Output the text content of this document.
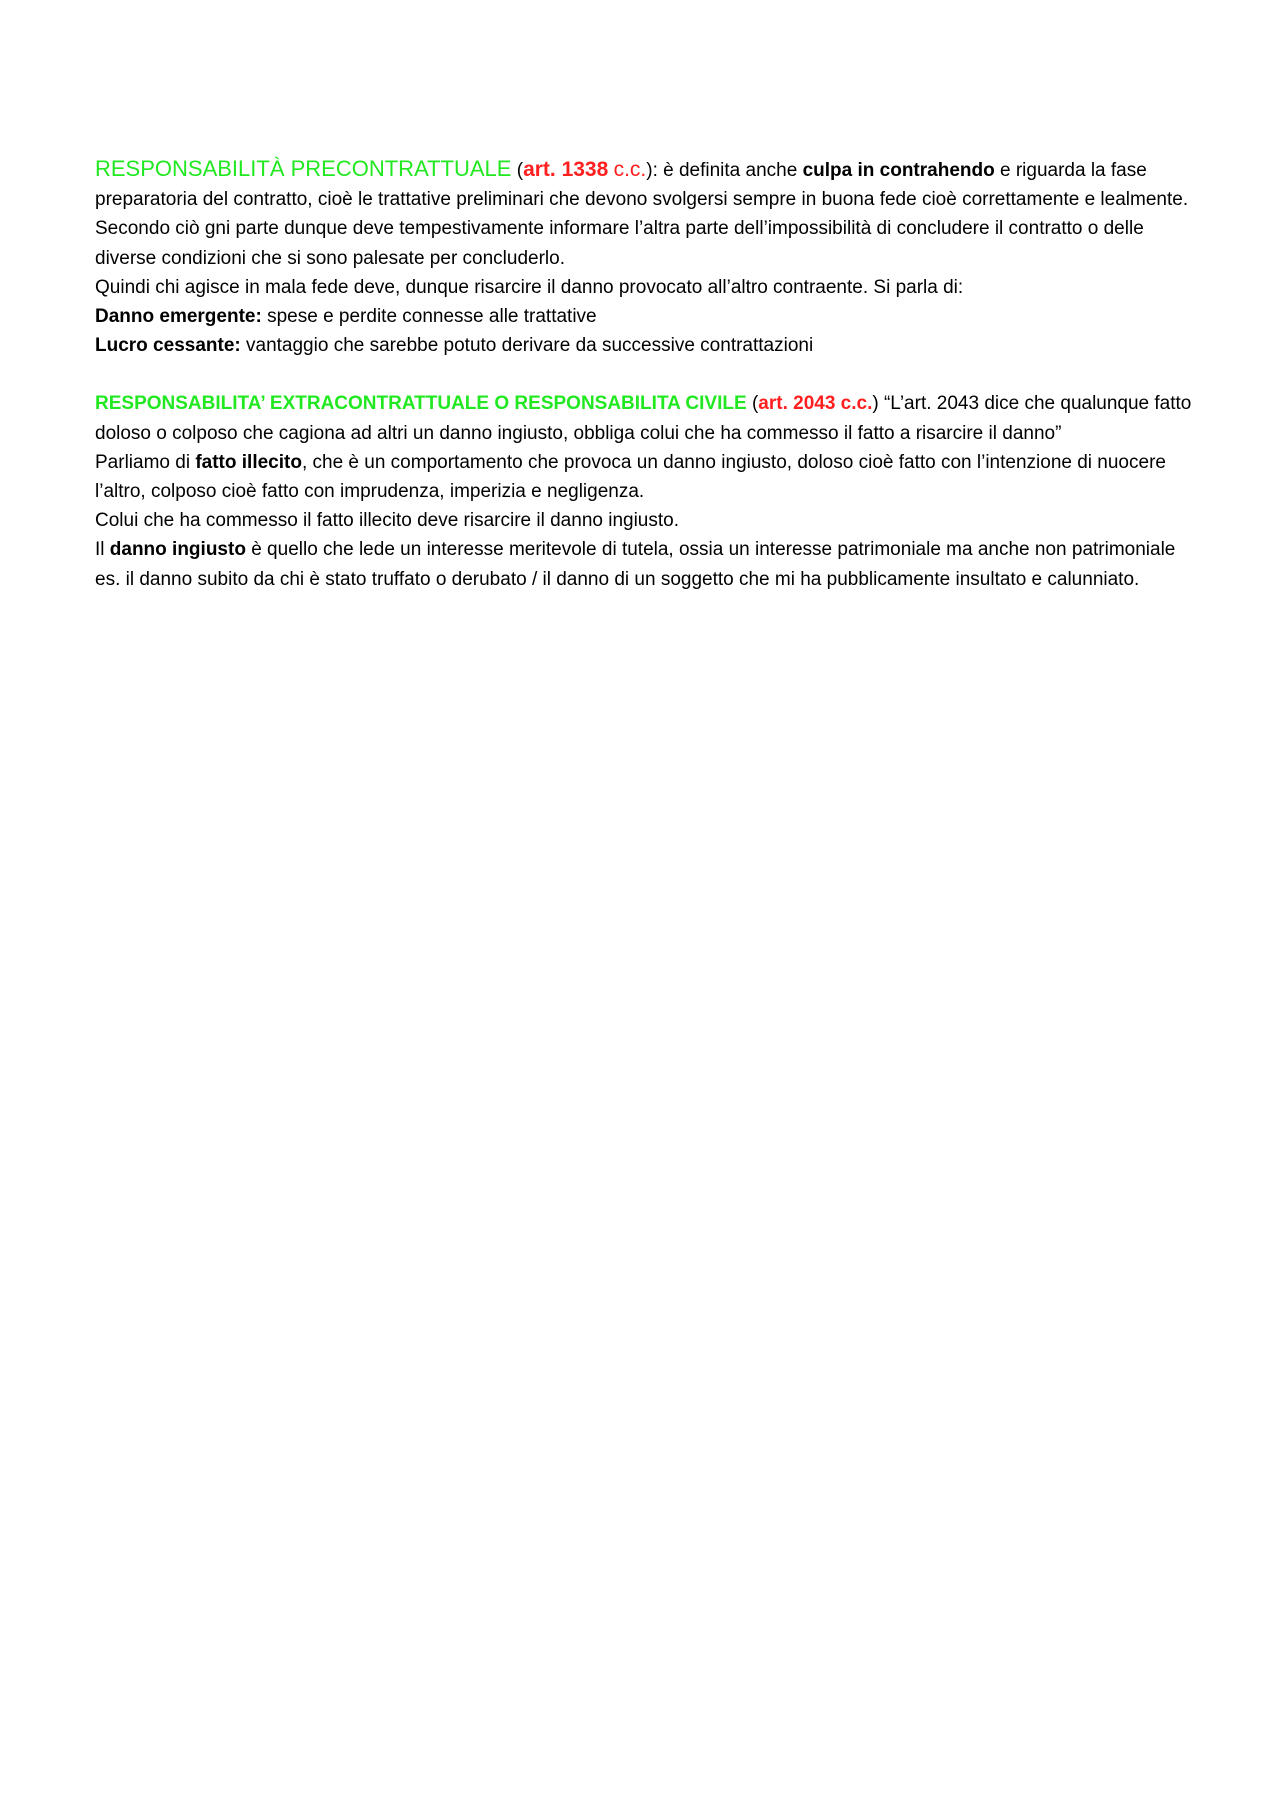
RESPONSABILITÀ PRECONTRATTUALE (art. 1338 c.c.): è definita anche culpa in contrahendo e riguarda la fase preparatoria del contratto, cioè le trattative preliminari che devono svolgersi sempre in buona fede cioè correttamente e lealmente.

Secondo ciò gni parte dunque deve tempestivamente informare l’altra parte dell’impossibilità di concludere il contratto o delle diverse condizioni che si sono palesate per concluderlo.

Quindi chi agisce in mala fede deve, dunque risarcire il danno provocato all’altro contraente. Si parla di:

Danno emergente: spese e perdite connesse alle trattative

Lucro cessante: vantaggio che sarebbe potuto derivare da successive contrattazioni

RESPONSABILITA’ EXTRACONTRATTUALE O RESPONSABILITA CIVILE (art. 2043 c.c.) “L’art. 2043 dice che qualunque fatto doloso o colposo che cagiona ad altri un danno ingiusto, obbliga colui che ha commesso il fatto a risarcire il danno”

Parliamo di fatto illecito, che è un comportamento che provoca un danno ingiusto, doloso cioè fatto con l’intenzione di nuocere l’altro, colposo cioè fatto con imprudenza, imperizia e negligenza.

Colui che ha commesso il fatto illecito deve risarcire il danno ingiusto.

Il danno ingiusto è quello che lede un interesse meritevole di tutela, ossia un interesse patrimoniale ma anche non patrimoniale es. il danno subito da chi è stato truffato o derubato / il danno di un soggetto che mi ha pubblicamente insultato e calunniato.
